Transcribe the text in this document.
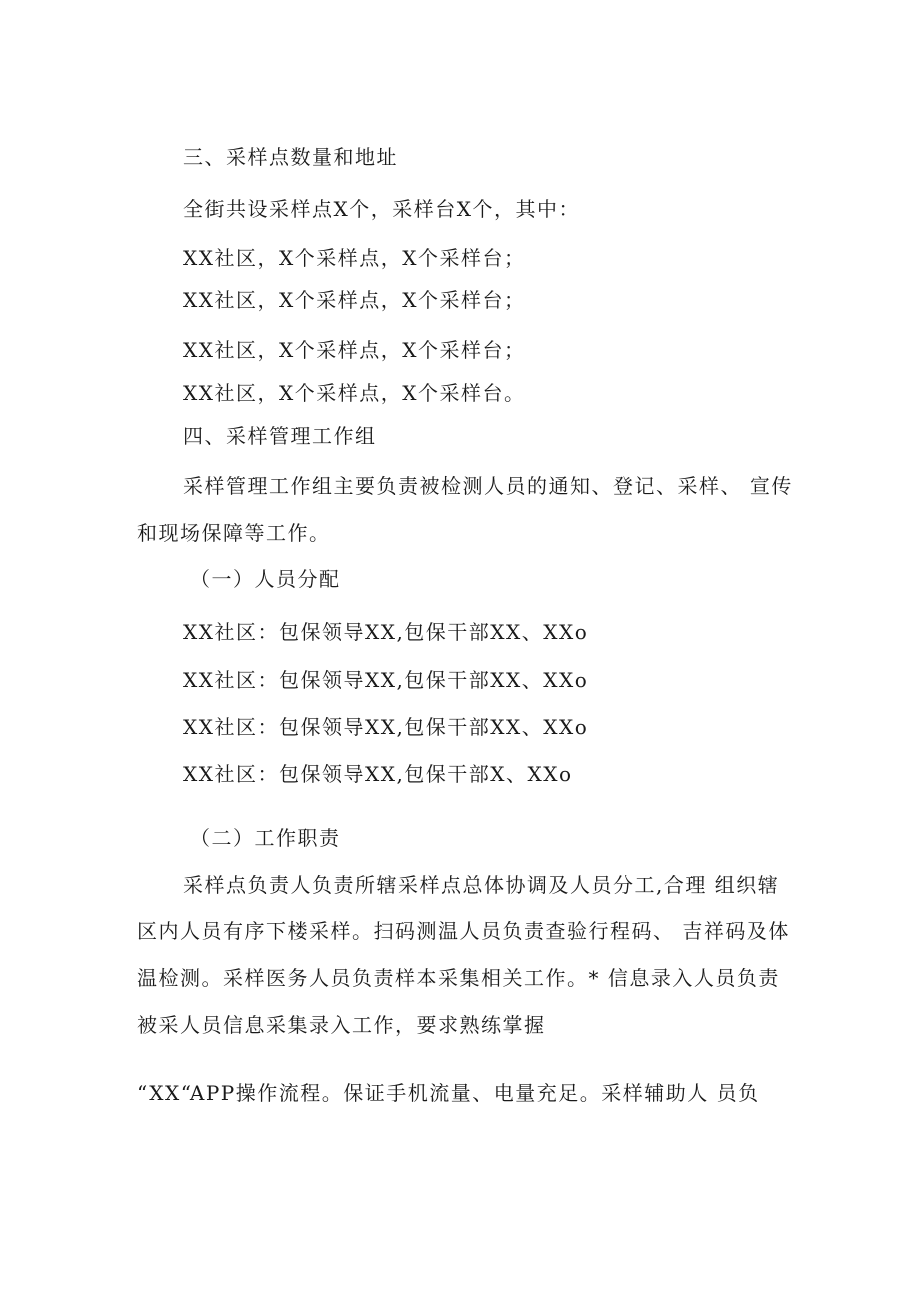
三、采样点数量和地址
全街共设采样点X个，采样台X个，其中：
XX社区，X个采样点，X个采样台；
XX社区，X个采样点，X个采样台；
XX社区，X个采样点，X个采样台；
XX社区，X个采样点，X个采样台。
四、采样管理工作组
采样管理工作组主要负责被检测人员的通知、登记、采样、 宣传
和现场保障等工作。
（一）人员分配
XX社区：包保领导XX,包保干部XX、XXo
XX社区：包保领导XX,包保干部XX、XXo
XX社区：包保领导XX,包保干部XX、XXo
XX社区：包保领导XX,包保干部X、XXo
（二）工作职责
采样点负责人负责所辖采样点总体协调及人员分工,合理 组织辖
区内人员有序下楼采样。扫码测温人员负责查验行程码、 吉祥码及体
温检测。采样医务人员负责样本采集相关工作。* 信息录入人员负责
被采人员信息采集录入工作，要求熟练掌握
“XX“APP操作流程。保证手机流量、电量充足。采样辅助人 员负
